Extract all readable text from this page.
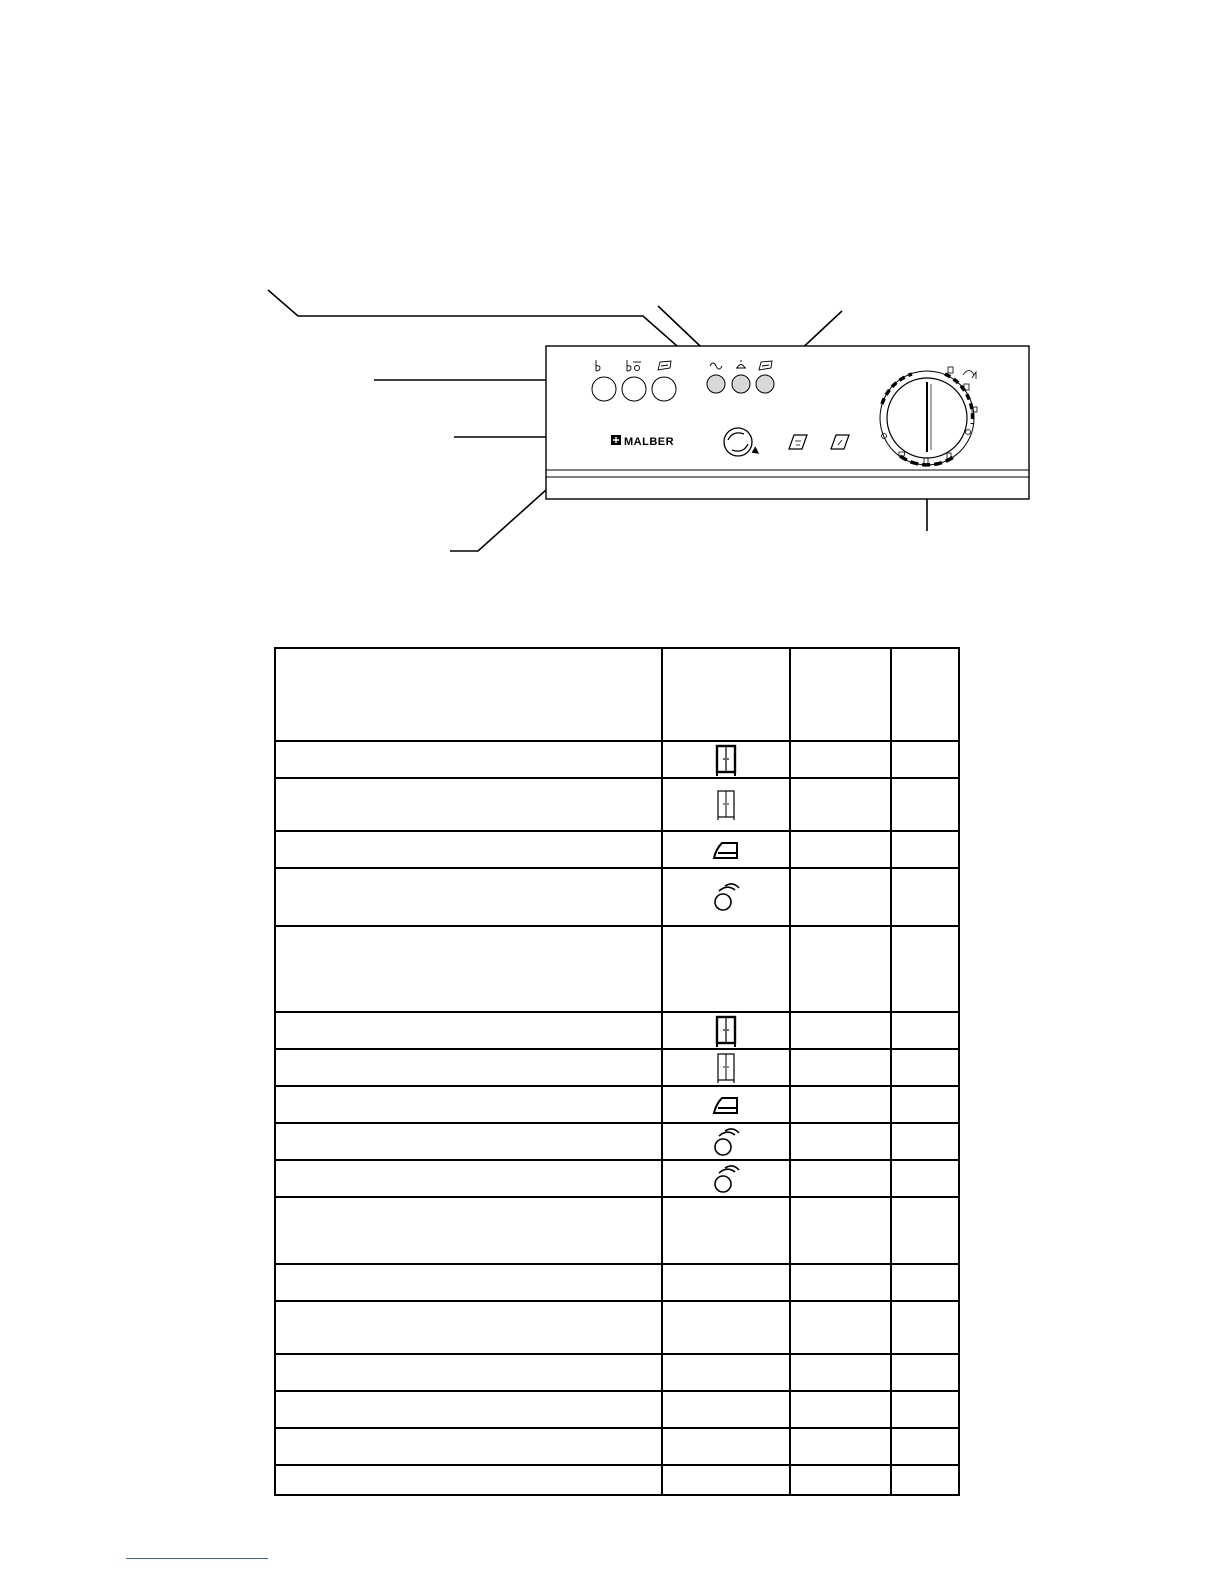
MALBER
